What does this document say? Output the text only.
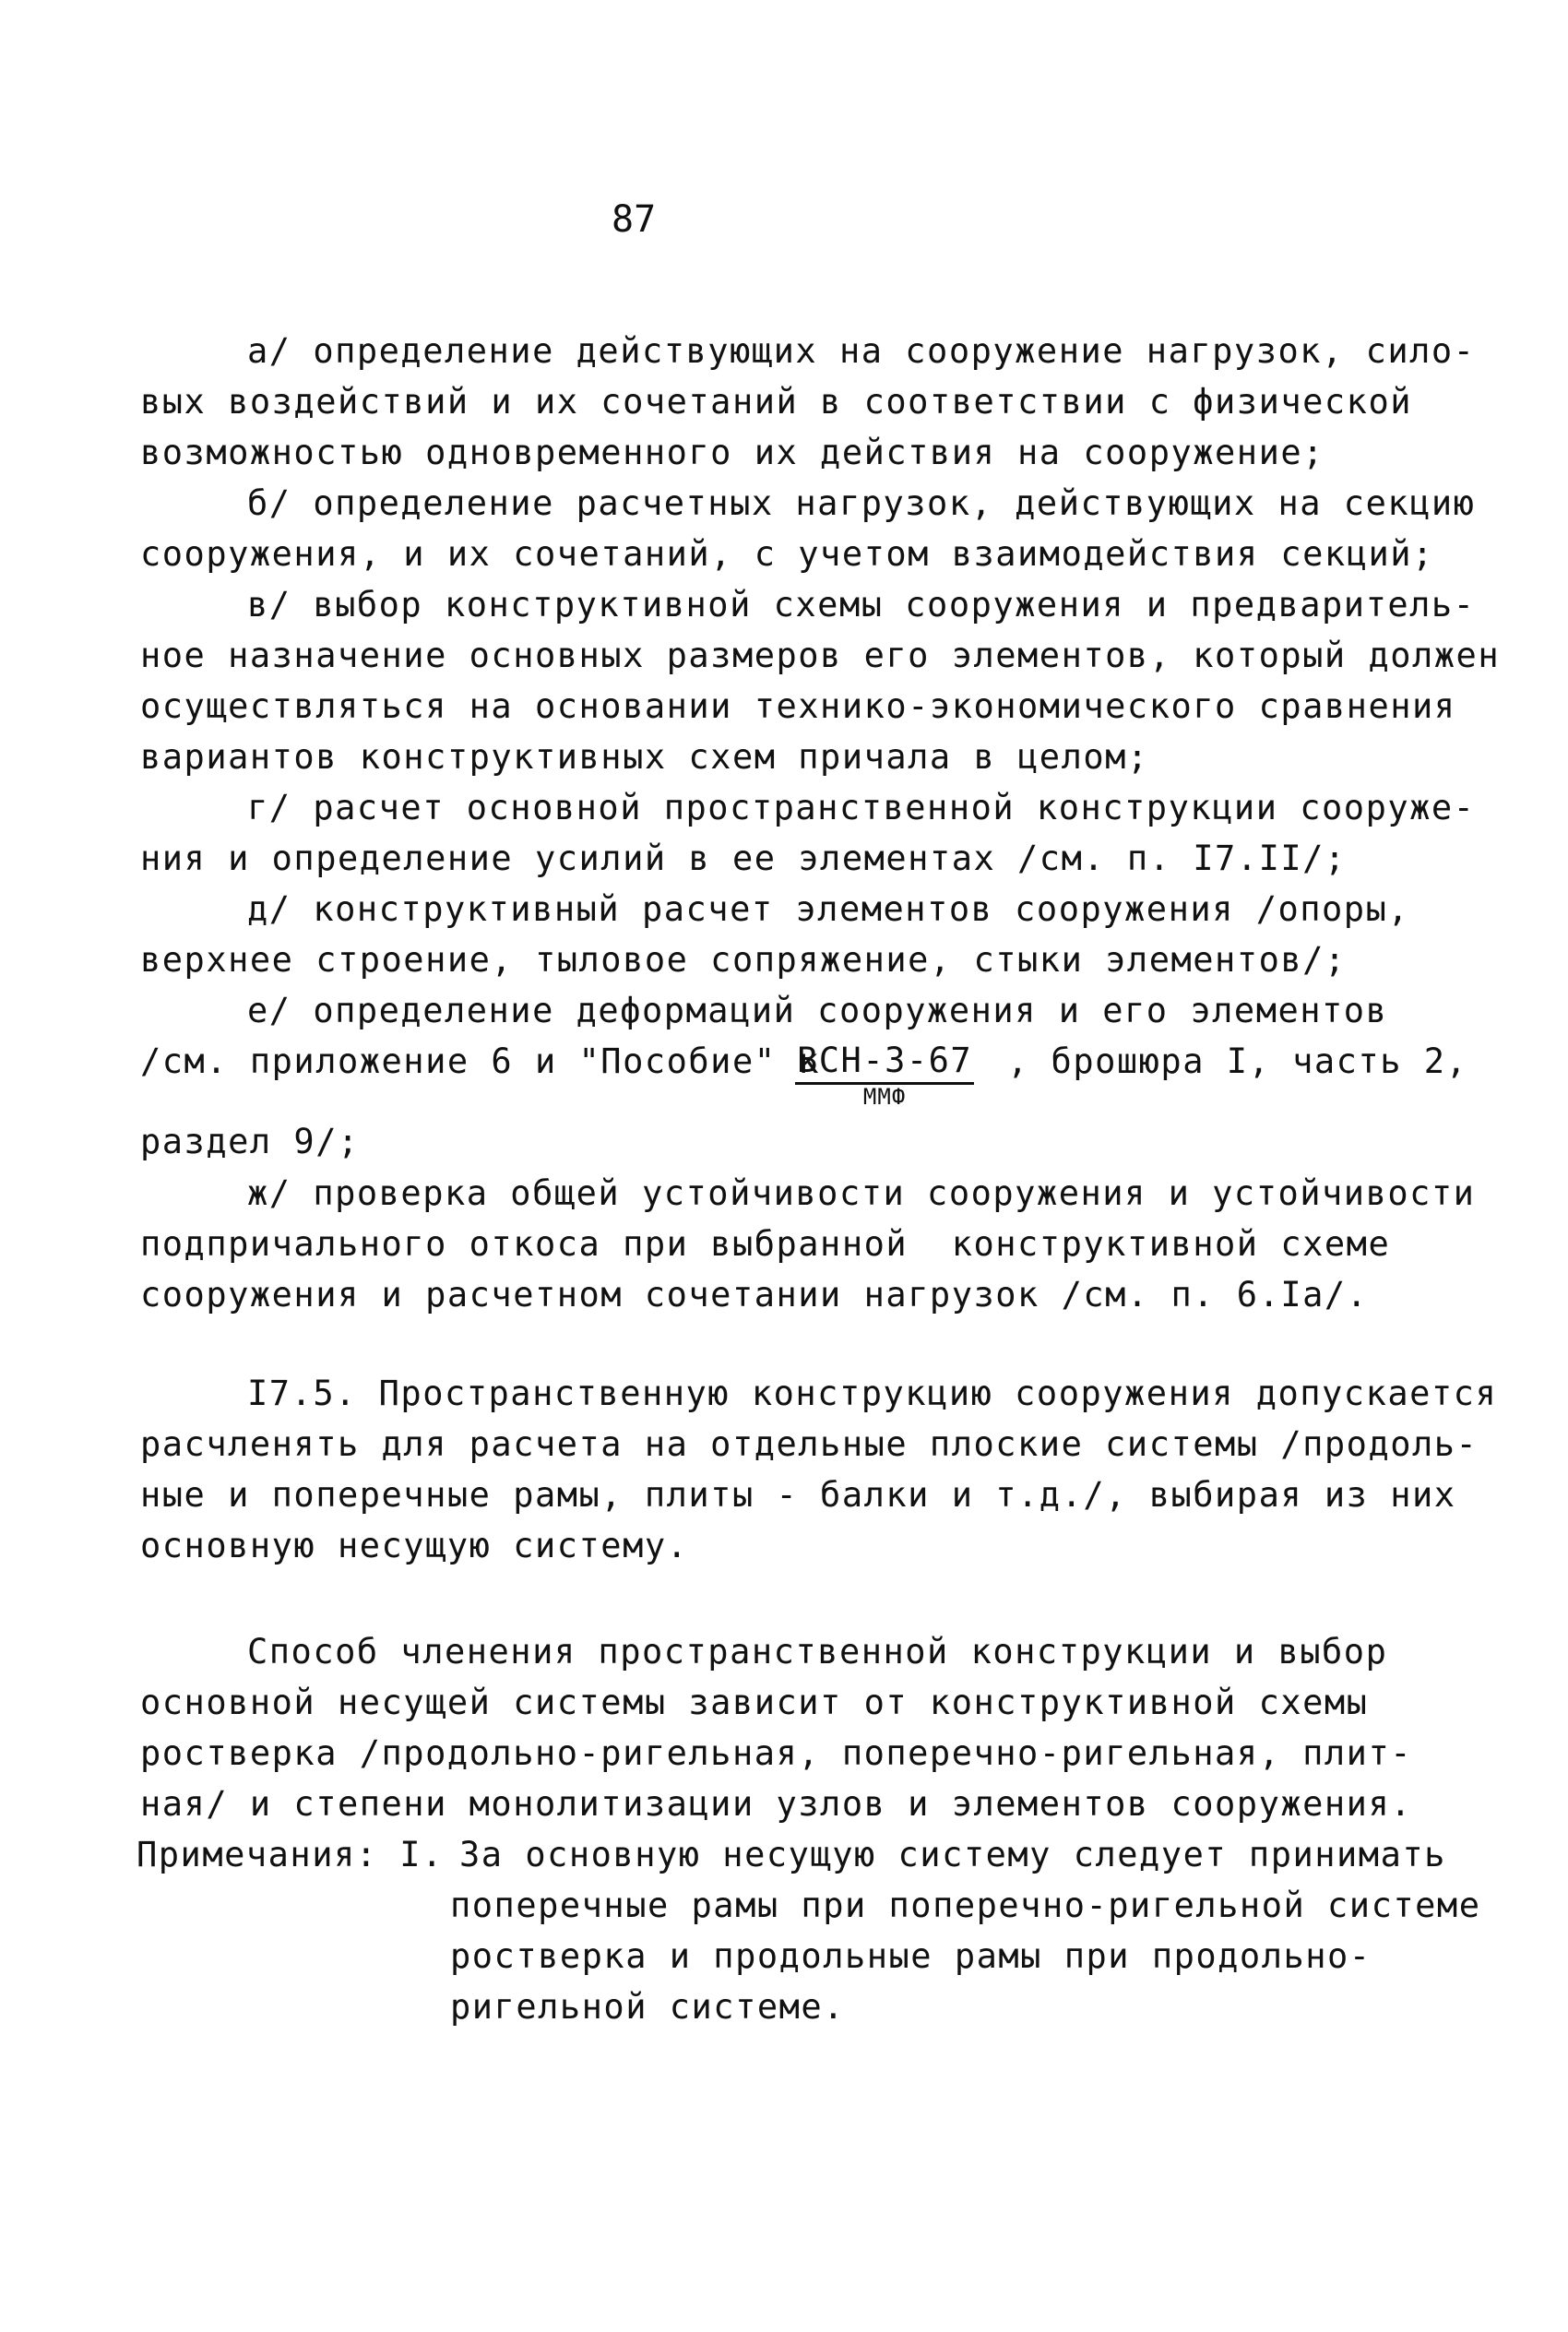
87
а/ определение действующих на сооружение нагрузок, сило-
вых воздействий и их сочетаний в соответствии с физической
возможностью одновременного их действия на сооружение;
б/ определение расчетных нагрузок, действующих на секцию
сооружения, и их сочетаний, с учетом взаимодействия секций;
в/ выбор конструктивной схемы сооружения и предваритель-
ное назначение основных размеров его элементов, который должен
осуществляться на основании технико-экономического сравнения
вариантов конструктивных схем причала в целом;
г/ расчет основной пространственной конструкции сооруже-
ния и определение усилий в ее элементах /см. п. I7.II/;
д/ конструктивный расчет элементов сооружения /опоры,
верхнее строение, тыловое сопряжение, стыки элементов/;
е/ определение деформаций сооружения и его элементов
/см. приложение 6 и "Пособие" к
ВСН-3-67
ММФ
, брошюра I, часть 2,
раздел 9/;
ж/ проверка общей устойчивости сооружения и устойчивости
подпричального откоса при выбранной  конструктивной схеме
сооружения и расчетном сочетании нагрузок /см. п. 6.Iа/.
I7.5. Пространственную конструкцию сооружения допускается
расчленять для расчета на отдельные плоские системы /продоль-
ные и поперечные рамы, плиты - балки и т.д./, выбирая из них
основную несущую систему.
Способ членения пространственной конструкции и выбор
основной несущей системы зависит от конструктивной схемы
ростверка /продольно-ригельная, поперечно-ригельная, плит-
ная/ и степени монолитизации узлов и элементов сооружения.
Примечания: I. За основную несущую систему следует принимать
поперечные рамы при поперечно-ригельной системе
ростверка и продольные рамы при продольно-
ригельной системе.
